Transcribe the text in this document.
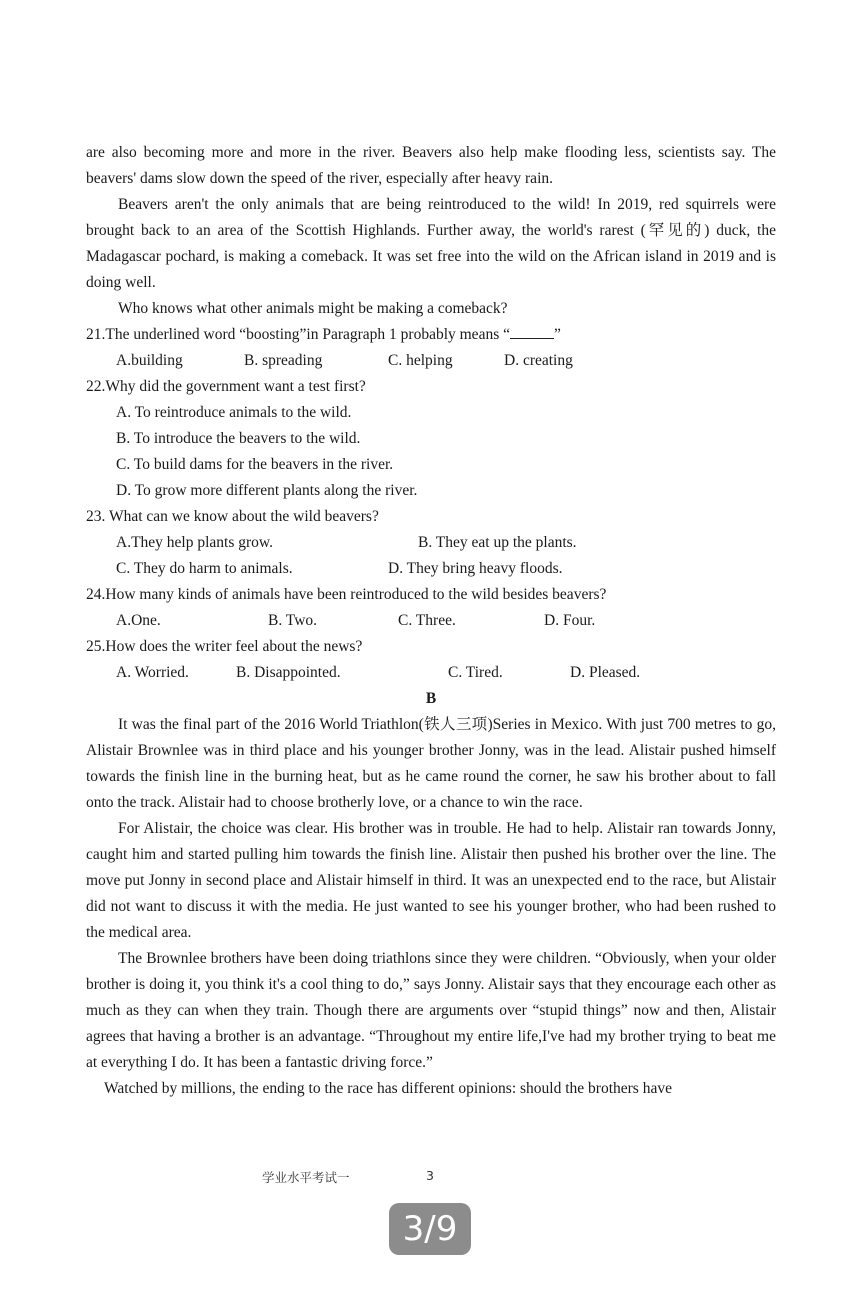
are also becoming more and more in the river. Beavers also help make flooding less, scientists say. The beavers' dams slow down the speed of the river, especially after heavy rain.

Beavers aren't the only animals that are being reintroduced to the wild! In 2019, red squirrels were brought back to an area of the Scottish Highlands. Further away, the world's rarest (罕见的) duck, the Madagascar pochard, is making a comeback. It was set free into the wild on the African island in 2019 and is doing well.

Who knows what other animals might be making a comeback?

21.The underlined word “boosting”in Paragraph 1 probably means “	”

A.building	B. spreading	C. helping	D. creating

22.Why did the government want a test first?

A. To reintroduce animals to the wild.

B. To introduce the beavers to the wild.

C. To build dams for the beavers in the river.

D. To grow more different plants along the river.

23. What can we know about the wild beavers?

A.They help plants grow.	B. They eat up the plants.

C. They do harm to animals.	D. They bring heavy floods.

24.How many kinds of animals have been reintroduced to the wild besides beavers?

A.One.	B. Two.	C. Three.	D. Four.

25.How does the writer feel about the news?

A. Worried.	B. Disappointed.	C. Tired.	D. Pleased.

B

It was the final part of the 2016 World Triathlon(铁人三项)Series in Mexico. With just 700 metres to go, Alistair Brownlee was in third place and his younger brother Jonny, was in the lead. Alistair pushed himself towards the finish line in the burning heat, but as he came round the corner, he saw his brother about to fall onto the track. Alistair had to choose brotherly love, or a chance to win the race.

For Alistair, the choice was clear. His brother was in trouble. He had to help. Alistair ran towards Jonny, caught him and started pulling him towards the finish line. Alistair then pushed his brother over the line. The move put Jonny in second place and Alistair himself in third. It was an unexpected end to the race, but Alistair did not want to discuss it with the media. He just wanted to see his younger brother, who had been rushed to the medical area.

The Brownlee brothers have been doing triathlons since they were children. “Obviously, when your older brother is doing it, you think it's a cool thing to do,” says Jonny. Alistair says that they encourage each other as much as they can when they train. Though there are arguments over “stupid things” now and then, Alistair agrees that having a brother is an advantage. “Throughout my entire life,I've had my brother trying to beat me at everything I do. It has been a fantastic driving force.”

Watched by millions, the ending to the race has different opinions: should the brothers have

学业水平考试一	3
3/9
